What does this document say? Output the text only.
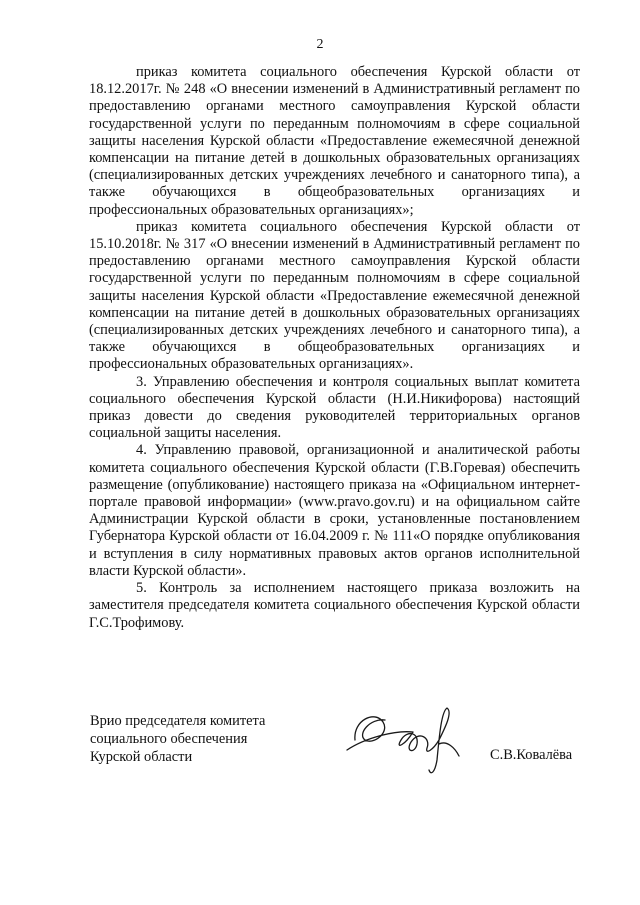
2

приказ комитета социального обеспечения Курской области от 18.12.2017г. № 248 «О внесении изменений в Административный регламент по предоставлению органами местного самоуправления Курской области государственной услуги по переданным полномочиям в сфере социальной защиты населения Курской области «Предоставление ежемесячной денежной компенсации на питание детей в дошкольных образовательных организациях (специализированных детских учреждениях лечебного и санаторного типа), а также обучающихся в общеобразовательных организациях и профессиональных образовательных организациях»;

приказ комитета социального обеспечения Курской области от 15.10.2018г. № 317 «О внесении изменений в Административный регламент по предоставлению органами местного самоуправления Курской области государственной услуги по переданным полномочиям в сфере социальной защиты населения Курской области «Предоставление ежемесячной денежной компенсации на питание детей в дошкольных образовательных организациях (специализированных детских учреждениях лечебного и санаторного типа), а также обучающихся в общеобразовательных организациях и профессиональных образовательных организациях».

3. Управлению обеспечения и контроля социальных выплат комитета социального обеспечения Курской области (Н.И.Никифорова) настоящий приказ довести до сведения руководителей территориальных органов социальной защиты населения.

4. Управлению правовой, организационной и аналитической работы комитета социального обеспечения Курской области (Г.В.Горевая) обеспечить размещение (опубликование) настоящего приказа на «Официальном интернет-портале правовой информации» (www.pravo.gov.ru) и на официальном сайте Администрации Курской области в сроки, установленные постановлением Губернатора Курской области от 16.04.2009 г. № 111«О порядке опубликования и вступления в силу нормативных правовых актов органов исполнительной власти Курской области».

5. Контроль за исполнением настоящего приказа возложить на заместителя председателя комитета социального обеспечения Курской области Г.С.Трофимову.

Врио председателя комитета
социального обеспечения
Курской области	С.В.Ковалёва
